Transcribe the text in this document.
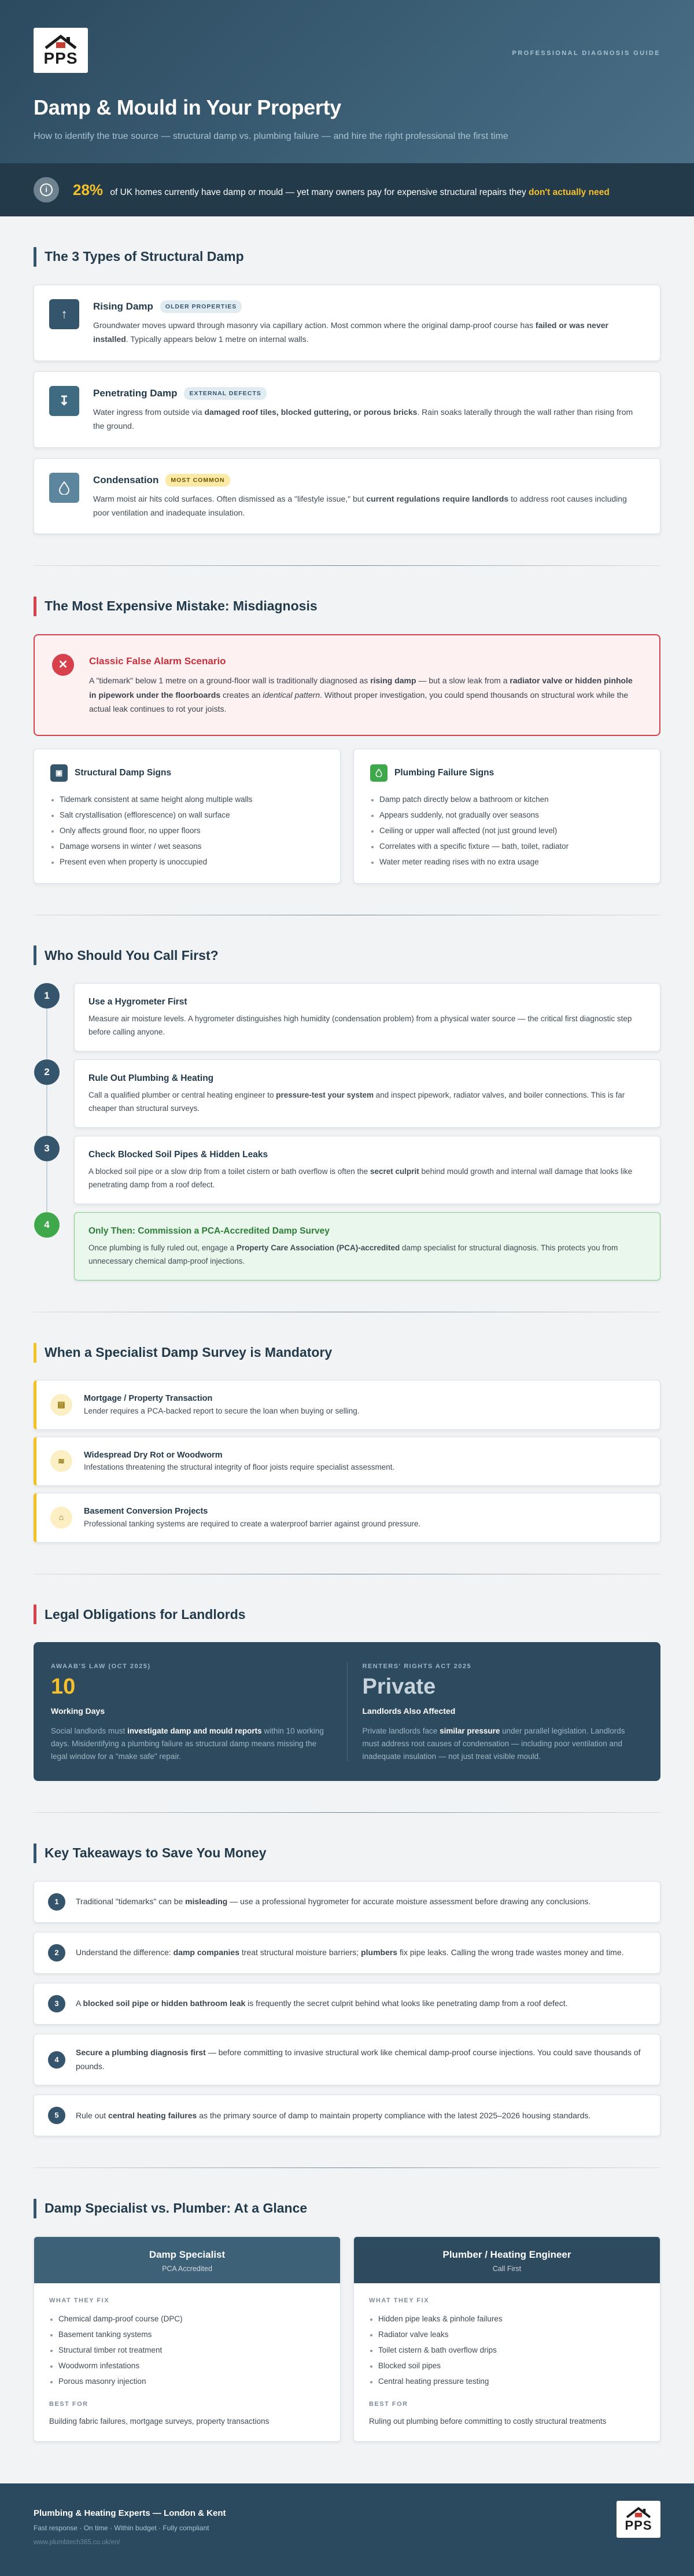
PPS	PROFESSIONAL DIAGNOSIS GUIDE
Damp & Mould in Your Property
How to identify the true source — structural damp vs. plumbing failure — and hire the right professional the first time
i	28% of UK homes currently have damp or mould — yet many owners pay for expensive structural repairs they don't actually need
The 3 Types of Structural Damp
↑
Rising Damp	OLDER PROPERTIES

Groundwater moves upward through masonry via capillary action. Most common where the original damp-proof course has failed or was never installed. Typically appears below 1 metre on internal walls.

↧
Penetrating Damp	EXTERNAL DEFECTS

Water ingress from outside via damaged roof tiles, blocked guttering, or porous bricks. Rain soaks laterally through the wall rather than rising from the ground.

Condensation	MOST COMMON

Warm moist air hits cold surfaces. Often dismissed as a "lifestyle issue," but current regulations require landlords to address root causes including poor ventilation and inadequate insulation.

The Most Expensive Mistake: Misdiagnosis
✕	Classic False Alarm Scenario

A "tidemark" below 1 metre on a ground-floor wall is traditionally diagnosed as rising damp — but a slow leak from a radiator valve or hidden pinhole in pipework under the floorboards creates an identical pattern. Without proper investigation, you could spend thousands on structural work while the actual leak continues to rot your joists.

▣	Structural Damp Signs
Tidemark consistent at same height along multiple walls
Salt crystallisation (efflorescence) on wall surface
Only affects ground floor, no upper floors
Damage worsens in winter / wet seasons
Present even when property is unoccupied
Plumbing Failure Signs
Damp patch directly below a bathroom or kitchen
Appears suddenly, not gradually over seasons
Ceiling or upper wall affected (not just ground level)
Correlates with a specific fixture — bath, toilet, radiator
Water meter reading rises with no extra usage
Who Should You Call First?
1
Use a Hygrometer First

Measure air moisture levels. A hygrometer distinguishes high humidity (condensation problem) from a physical water source — the critical first diagnostic step before calling anyone.

2
Rule Out Plumbing & Heating

Call a qualified plumber or central heating engineer to pressure-test your system and inspect pipework, radiator valves, and boiler connections. This is far cheaper than structural surveys.

3
Check Blocked Soil Pipes & Hidden Leaks

A blocked soil pipe or a slow drip from a toilet cistern or bath overflow is often the secret culprit behind mould growth and internal wall damage that looks like penetrating damp from a roof defect.

4
Only Then: Commission a PCA-Accredited Damp Survey

Once plumbing is fully ruled out, engage a Property Care Association (PCA)-accredited damp specialist for structural diagnosis. This protects you from unnecessary chemical damp-proof injections.

When a Specialist Damp Survey is Mandatory
▤
Mortgage / Property Transaction

Lender requires a PCA-backed report to secure the loan when buying or selling.

≋
Widespread Dry Rot or Woodworm

Infestations threatening the structural integrity of floor joists require specialist assessment.

⌂
Basement Conversion Projects

Professional tanking systems are required to create a waterproof barrier against ground pressure.

Legal Obligations for Landlords
AWAAB'S LAW (OCT 2025)
10
Working Days

Social landlords must investigate damp and mould reports within 10 working days. Misidentifying a plumbing failure as structural damp means missing the legal window for a "make safe" repair.

RENTERS' RIGHTS ACT 2025
Private
Landlords Also Affected

Private landlords face similar pressure under parallel legislation. Landlords must address root causes of condensation — including poor ventilation and inadequate insulation — not just treat visible mould.

Key Takeaways to Save You Money
1	Traditional "tidemarks" can be misleading — use a professional hygrometer for accurate moisture assessment before drawing any conclusions.

2	Understand the difference: damp companies treat structural moisture barriers; plumbers fix pipe leaks. Calling the wrong trade wastes money and time.

3	A blocked soil pipe or hidden bathroom leak is frequently the secret culprit behind what looks like penetrating damp from a roof defect.

4

Secure a plumbing diagnosis first — before committing to invasive structural work like chemical damp-proof course injections. You could save thousands of pounds.

5	Rule out central heating failures as the primary source of damp to maintain property compliance with the latest 2025–2026 housing standards.

Damp Specialist vs. Plumber: At a Glance
Damp Specialist
PCA Accredited
WHAT THEY FIX
Chemical damp-proof course (DPC)
Basement tanking systems
Structural timber rot treatment
Woodworm infestations
Porous masonry injection
BEST FOR
Building fabric failures, mortgage surveys, property transactions
Plumber / Heating Engineer
Call First
WHAT THEY FIX
Hidden pipe leaks & pinhole failures
Radiator valve leaks
Toilet cistern & bath overflow drips
Blocked soil pipes
Central heating pressure testing
BEST FOR
Ruling out plumbing before committing to costly structural treatments
Plumbing & Heating Experts — London & Kent
Fast response · On time · Within budget · Fully compliant
www.plumbtech365.co.uk/en/
PPS
